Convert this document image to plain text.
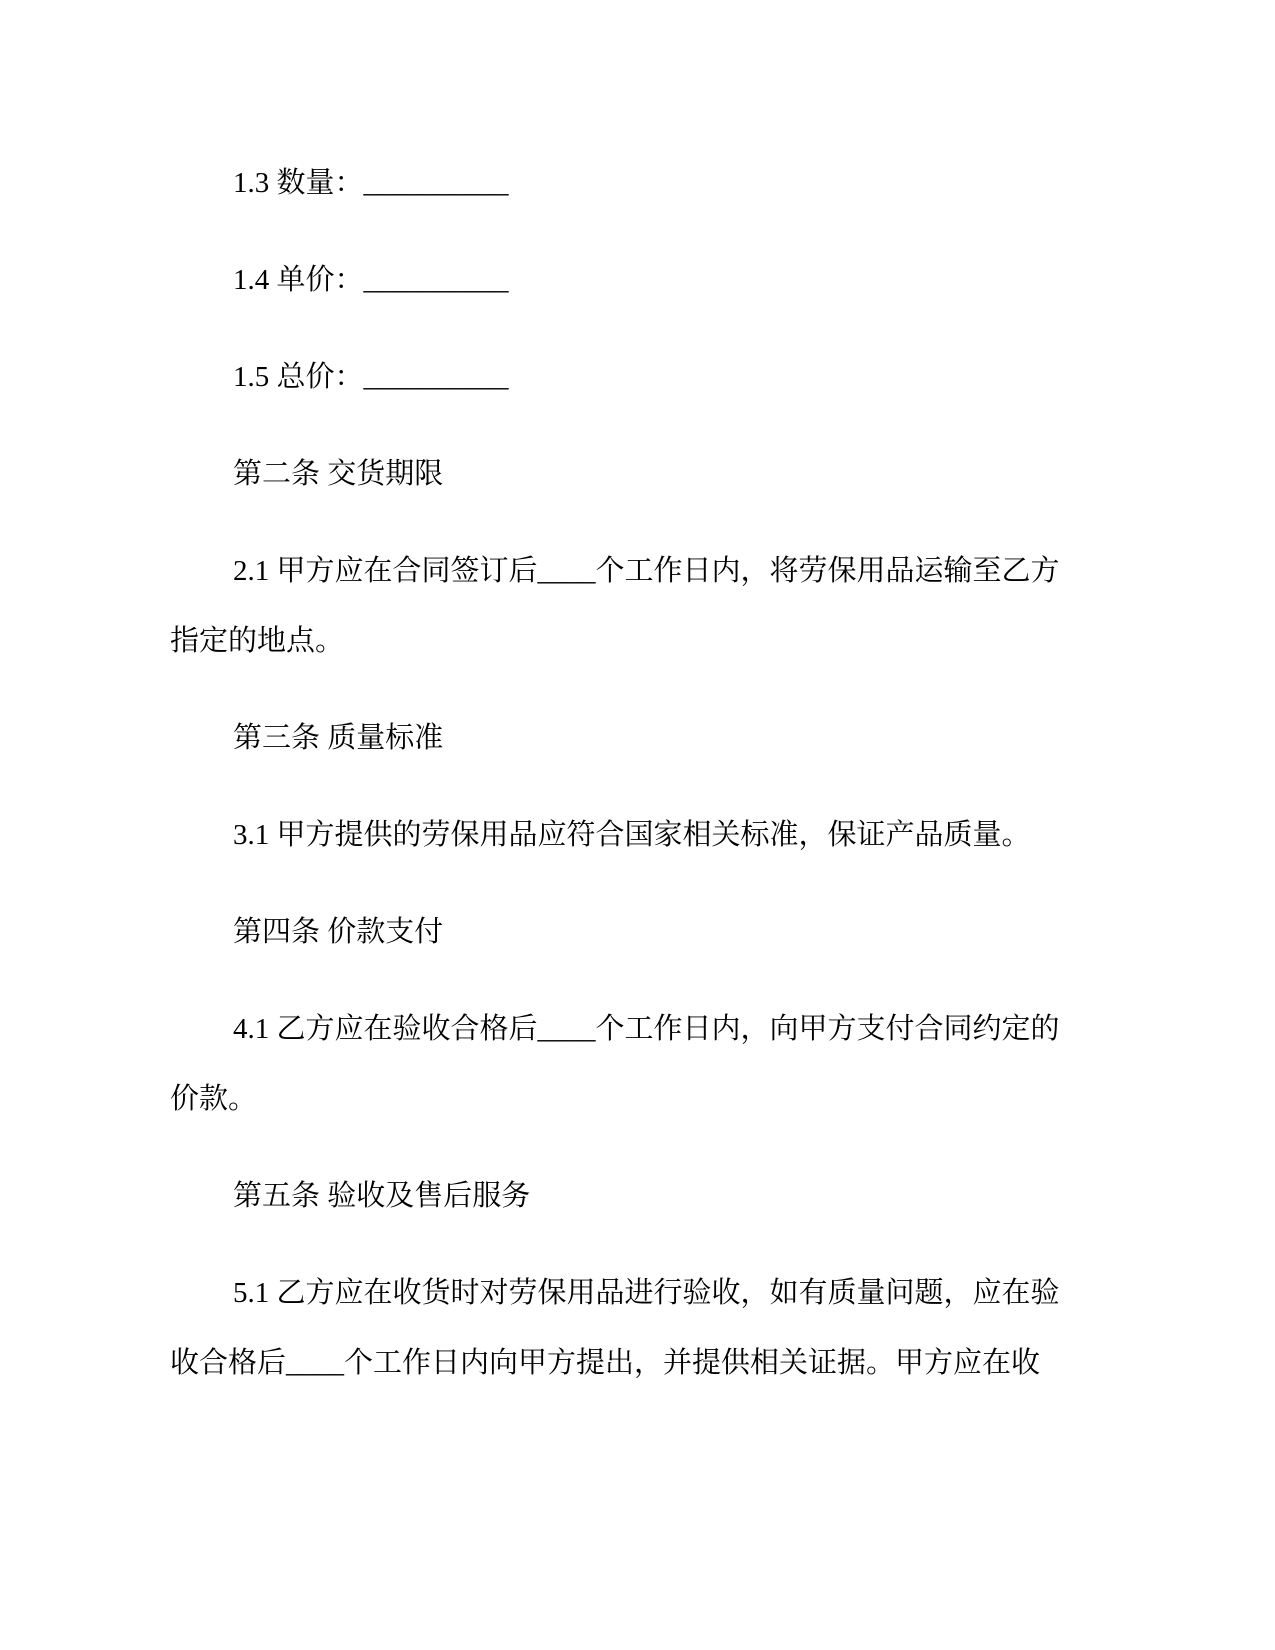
1.3 数量：__________
1.4 单价：__________
1.5 总价：__________
第二条 交货期限
2.1 甲方应在合同签订后____个工作日内，将劳保用品运输至乙方
指定的地点。
第三条 质量标准
3.1 甲方提供的劳保用品应符合国家相关标准，保证产品质量。
第四条 价款支付
4.1 乙方应在验收合格后____个工作日内，向甲方支付合同约定的
价款。
第五条 验收及售后服务
5.1 乙方应在收货时对劳保用品进行验收，如有质量问题，应在验
收合格后____个工作日内向甲方提出，并提供相关证据。甲方应在收
